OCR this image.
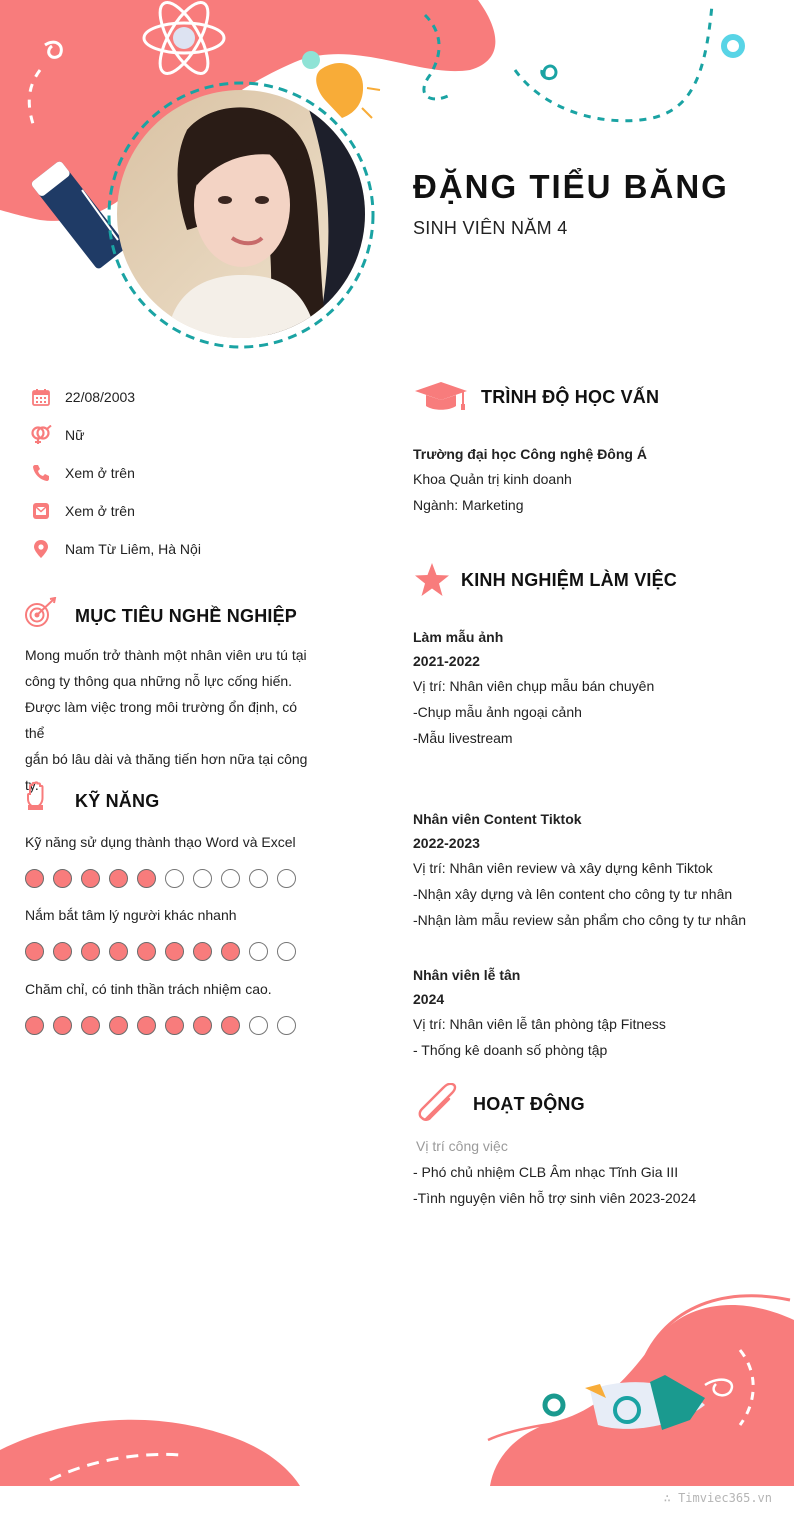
ĐẶNG TIỂU BĂNG
SINH VIÊN NĂM 4
22/08/2003
Nữ
Xem ở trên
Xem ở trên
Nam Từ Liêm, Hà Nội
MỤC TIÊU NGHỀ NGHIỆP
Mong muốn trở thành một nhân viên ưu tú tại
công ty thông qua những nỗ lực cống hiến.
Được làm việc trong môi trường ổn định, có thể
gắn bó lâu dài và thăng tiến hơn nữa tại công
ty.
KỸ NĂNG
Kỹ năng sử dụng thành thạo Word và Excel
Nắm bắt tâm lý người khác nhanh
Chăm chỉ, có tinh thần trách nhiệm cao.
TRÌNH ĐỘ HỌC VẤN
Trường đại học Công nghệ Đông Á
Khoa Quản trị kinh doanh
Ngành: Marketing
KINH NGHIỆM LÀM VIỆC
Làm mẫu ảnh
2021-2022
Vị trí: Nhân viên chụp mẫu bán chuyên
-Chụp mẫu ảnh ngoại cảnh
-Mẫu livestream
Nhân viên Content Tiktok
2022-2023
Vị trí: Nhân viên review và xây dựng kênh Tiktok
-Nhận xây dựng và lên content cho công ty tư nhân
-Nhận làm mẫu review sản phẩm cho công ty tư nhân
Nhân viên lễ tân
2024
Vị trí: Nhân viên lễ tân phòng tập Fitness
- Thống kê doanh số phòng tập
HOẠT ĐỘNG
Vị trí công việc
- Phó chủ nhiệm CLB Âm nhạc Tĩnh Gia III
-Tình nguyện viên hỗ trợ sinh viên 2023-2024
∴ Timviec365.vn
